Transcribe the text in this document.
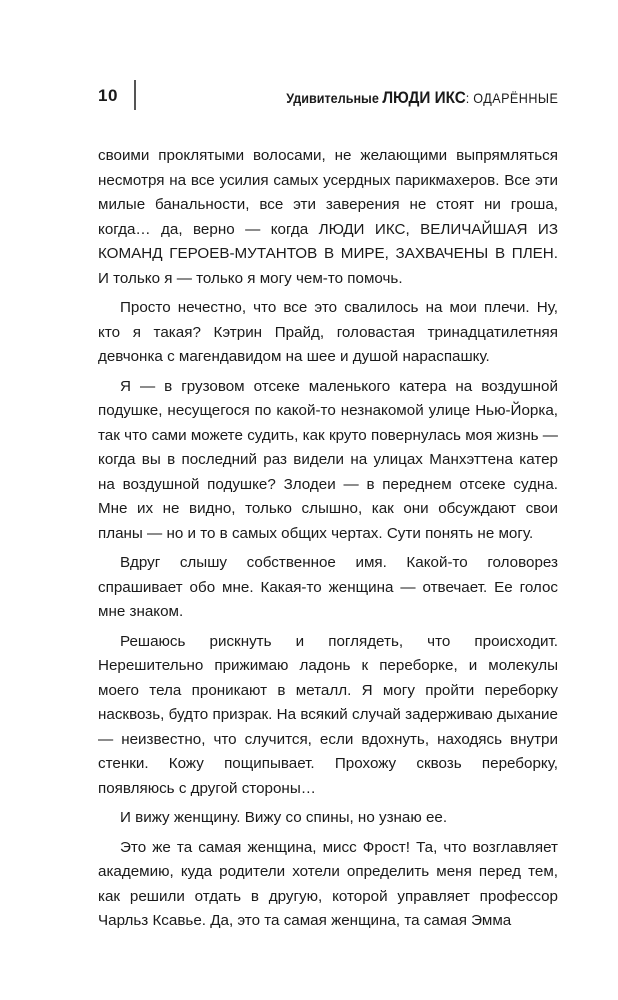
10	Удивительные ЛЮДИ ИКС: ОДАРЁННЫЕ

своими проклятыми волосами, не желающими выпрямляться несмотря на все усилия самых усердных парикмахеров. Все эти милые банальности, все эти заверения не стоят ни гроша, когда… да, верно — когда ЛЮДИ ИКС, ВЕЛИЧАЙШАЯ ИЗ КОМАНД ГЕРОЕВ-МУТАНТОВ В МИРЕ, ЗАХВАЧЕНЫ В ПЛЕН. И только я — только я могу чем-то помочь.

Просто нечестно, что все это свалилось на мои плечи. Ну, кто я такая? Кэтрин Прайд, головастая тринадцатилетняя девчонка с магендавидом на шее и душой нараспашку.

Я — в грузовом отсеке маленького катера на воздушной подушке, несущегося по какой-то незнакомой улице Нью-Йорка, так что сами можете судить, как круто повернулась моя жизнь — когда вы в последний раз видели на улицах Манхэттена катер на воздушной подушке? Злодеи — в переднем отсеке судна. Мне их не видно, только слышно, как они обсуждают свои планы — но и то в самых общих чертах. Сути понять не могу.

Вдруг слышу собственное имя. Какой-то головорез спрашивает обо мне. Какая-то женщина — отвечает. Ее голос мне знаком.

Решаюсь рискнуть и поглядеть, что происходит. Нерешительно прижимаю ладонь к переборке, и молекулы моего тела проникают в металл. Я могу пройти переборку насквозь, будто призрак. На всякий случай задерживаю дыхание — неизвестно, что случится, если вдохнуть, находясь внутри стенки. Кожу пощипывает. Прохожу сквозь переборку, появляюсь с другой стороны…

И вижу женщину. Вижу со спины, но узнаю ее.

Это же та самая женщина, мисс Фрост! Та, что возглавляет академию, куда родители хотели определить меня перед тем, как решили отдать в другую, которой управляет профессор Чарльз Ксавье. Да, это та самая женщина, та самая Эмма
